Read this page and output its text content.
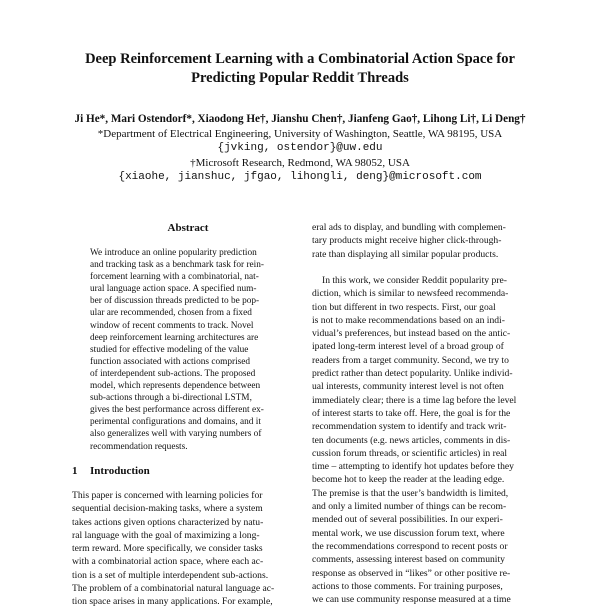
Deep Reinforcement Learning with a Combinatorial Action Space for
Predicting Popular Reddit Threads
Ji He*, Mari Ostendorf*, Xiaodong He†, Jianshu Chen†, Jianfeng Gao†, Lihong Li†, Li Deng†
*Department of Electrical Engineering, University of Washington, Seattle, WA 98195, USA
{jvking, ostendor}@uw.edu
†Microsoft Research, Redmond, WA 98052, USA
{xiaohe, jianshuc, jfgao, lihongli, deng}@microsoft.com
Abstract
We introduce an online popularity prediction
and tracking task as a benchmark task for rein-
forcement learning with a combinatorial, nat-
ural language action space. A specified num-
ber of discussion threads predicted to be pop-
ular are recommended, chosen from a fixed
window of recent comments to track. Novel
deep reinforcement learning architectures are
studied for effective modeling of the value
function associated with actions comprised
of interdependent sub-actions. The proposed
model, which represents dependence between
sub-actions through a bi-directional LSTM,
gives the best performance across different ex-
perimental configurations and domains, and it
also generalizes well with varying numbers of
recommendation requests.
1 Introduction
This paper is concerned with learning policies for
sequential decision-making tasks, where a system
takes actions given options characterized by natu-
ral language with the goal of maximizing a long-
term reward. More specifically, we consider tasks
with a combinatorial action space, where each ac-
tion is a set of multiple interdependent sub-actions.
The problem of a combinatorial natural language ac-
tion space arises in many applications. For example,
eral ads to display, and bundling with complemen-
tary products might receive higher click-through-
rate than displaying all similar popular products.
In this work, we consider Reddit popularity pre-
diction, which is similar to newsfeed recommenda-
tion but different in two respects. First, our goal
is not to make recommendations based on an indi-
vidual’s preferences, but instead based on the antic-
ipated long-term interest level of a broad group of
readers from a target community. Second, we try to
predict rather than detect popularity. Unlike individ-
ual interests, community interest level is not often
immediately clear; there is a time lag before the level
of interest starts to take off. Here, the goal is for the
recommendation system to identify and track writ-
ten documents (e.g. news articles, comments in dis-
cussion forum threads, or scientific articles) in real
time – attempting to identify hot updates before they
become hot to keep the reader at the leading edge.
The premise is that the user’s bandwidth is limited,
and only a limited number of things can be recom-
mended out of several possibilities. In our experi-
mental work, we use discussion forum text, where
the recommendations correspond to recent posts or
comments, assessing interest based on community
response as observed in “likes” or other positive re-
actions to those comments. For training purposes,
we can use community response measured at a time
